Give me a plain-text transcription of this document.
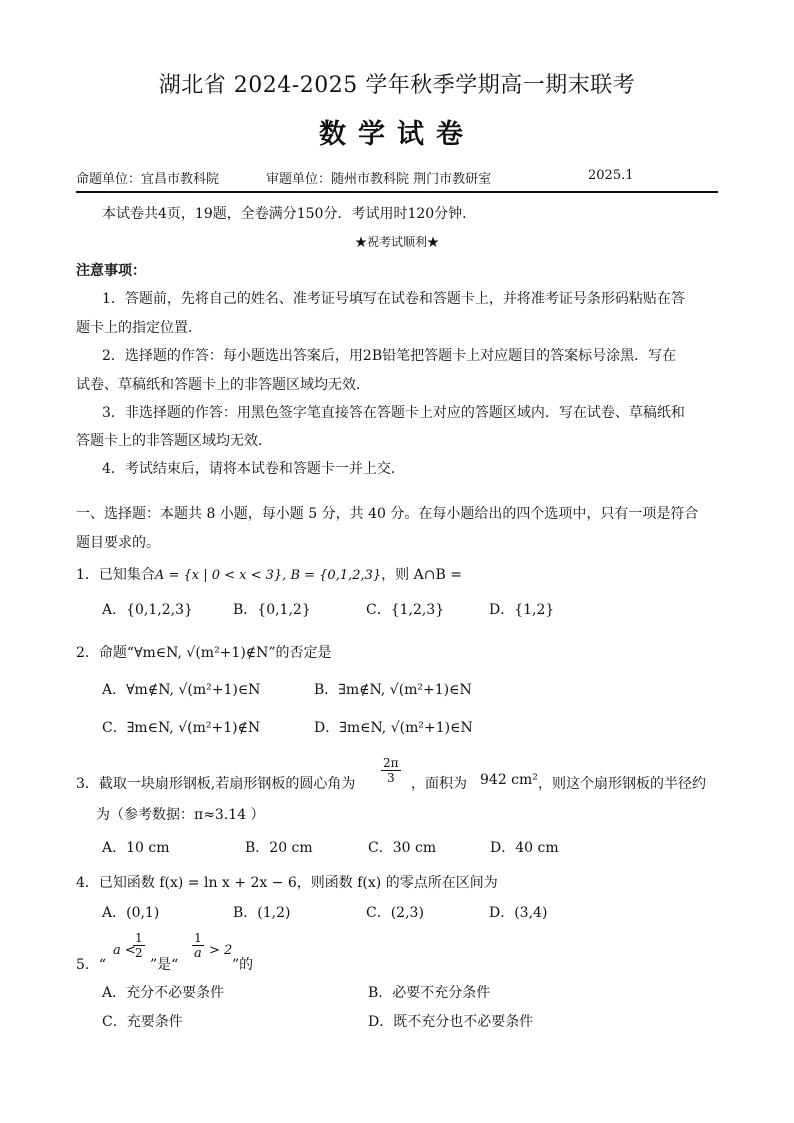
湖北省 2024-2025 学年秋季学期高一期末联考
数学试卷
命题单位：宜昌市教科院	审题单位：随州市教科院 荆门市教研室	2025.1
本试卷共4页，19题，全卷满分150分．考试用时120分钟．
★祝考试顺利★
注意事项：
1．答题前，先将自己的姓名、准考证号填写在试卷和答题卡上，并将准考证号条形码粘贴在答
题卡上的指定位置．
2．选择题的作答：每小题选出答案后，用2B铅笔把答题卡上对应题目的答案标号涂黑．写在
试卷、草稿纸和答题卡上的非答题区域均无效．
3．非选择题的作答：用黑色签字笔直接答在答题卡上对应的答题区域内．写在试卷、草稿纸和
答题卡上的非答题区域均无效．
4．考试结束后，请将本试卷和答题卡一并上交．
一、选择题：本题共 8 小题，每小题 5 分，共 40 分。在每小题给出的四个选项中，只有一项是符合
题目要求的。
1．已知集合A = {x | 0 < x < 3}, B = {0,1,2,3}，则 A∩B =
A．{0,1,2,3}	B．{0,1,2}	C．{1,2,3}	D．{1,2}
2．命题“∀m∈N, √(m²+1)∉N”的否定是
A．∀m∉N, √(m²+1)∈N	B．∃m∉N, √(m²+1)∈N
C．∃m∈N, √(m²+1)∉N	D．∃m∈N, √(m²+1)∈N
3．截取一块扇形钢板,若扇形钢板的圆心角为 $\frac{2\pi}{3}$ ，面积为 942 cm² ，则这个扇形钢板的半径约
为（参考数据：π≈3.14 ）
A．10 cm	B．20 cm	C．30 cm	D．40 cm
4．已知函数 f(x) = ln x + 2x − 6，则函数 f(x) 的零点所在区间为
A．(0,1)	B．(1,2)	C．(2,3)	D．(3,4)
5．“
a <
$\frac{1}{2}$
”是“
$\frac{1}{a} > 2$
”的
A．充分不必要条件	B．必要不充分条件
C．充要条件	D．既不充分也不必要条件
